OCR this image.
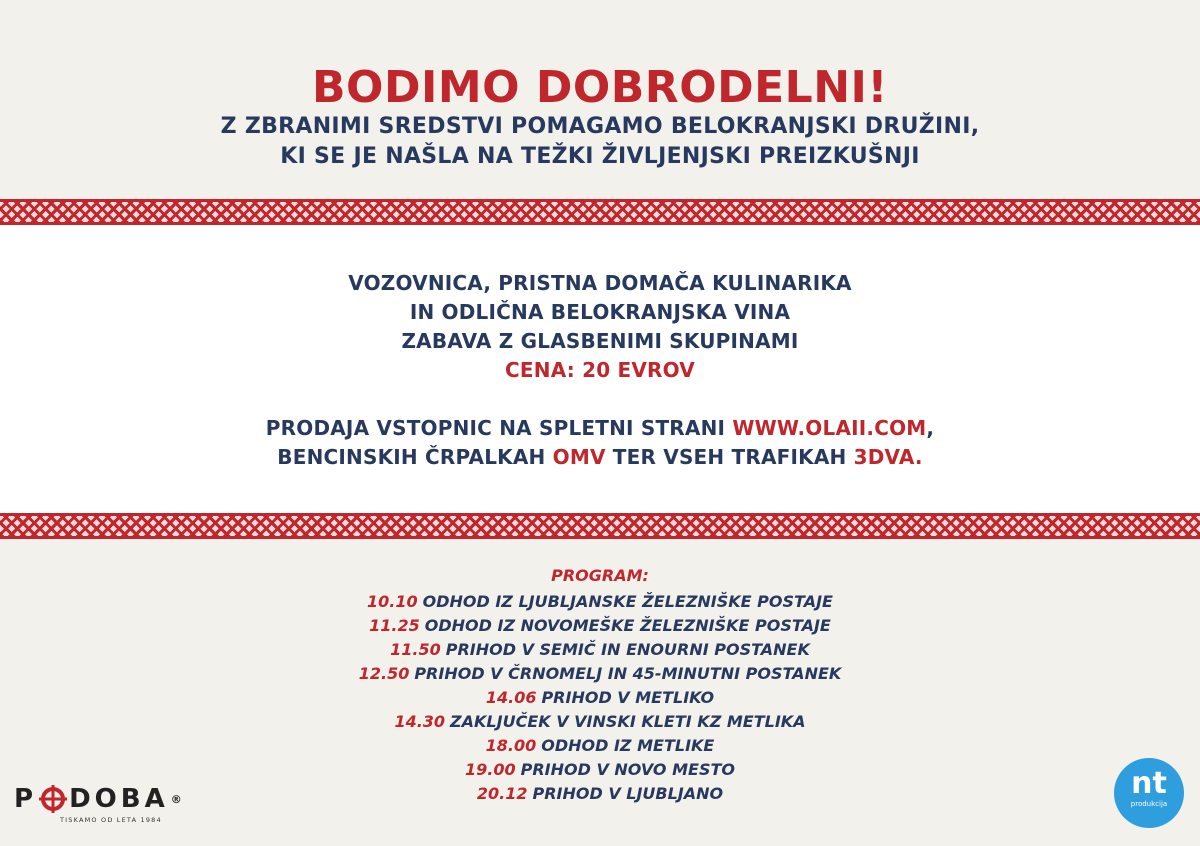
BODIMO DOBRODELNI!
Z ZBRANIMI SREDSTVI POMAGAMO BELOKRANJSKI DRUŽINI,
KI SE JE NAŠLA NA TEŽKI ŽIVLJENJSKI PREIZKUŠNJI
VOZOVNICA, PRISTNA DOMAČA KULINARIKA
IN ODLIČNA BELOKRANJSKA VINA
ZABAVA Z GLASBENIMI SKUPINAMI
CENA: 20 EVROV
PRODAJA VSTOPNIC NA SPLETNI STRANI WWW.OLAII.COM,
BENCINSKIH ČRPALKAH OMV TER VSEH TRAFIKAH 3DVA.
PROGRAM:
10.10 ODHOD IZ LJUBLJANSKE ŽELEZNIŠKE POSTAJE
11.25 ODHOD IZ NOVOMEŠKE ŽELEZNIŠKE POSTAJE
11.50 PRIHOD V SEMIČ IN ENOURNI POSTANEK
12.50 PRIHOD V ČRNOMELJ IN 45-MINUTNI POSTANEK
14.06 PRIHOD V METLIKO
14.30 ZAKLJUČEK V VINSKI KLETI KZ METLIKA
18.00 ODHOD IZ METLIKE
19.00 PRIHOD V NOVO MESTO
20.12 PRIHOD V LJUBLJANO
P DOBA ®
TISKAMO OD LETA 1984
nt
produkcija
